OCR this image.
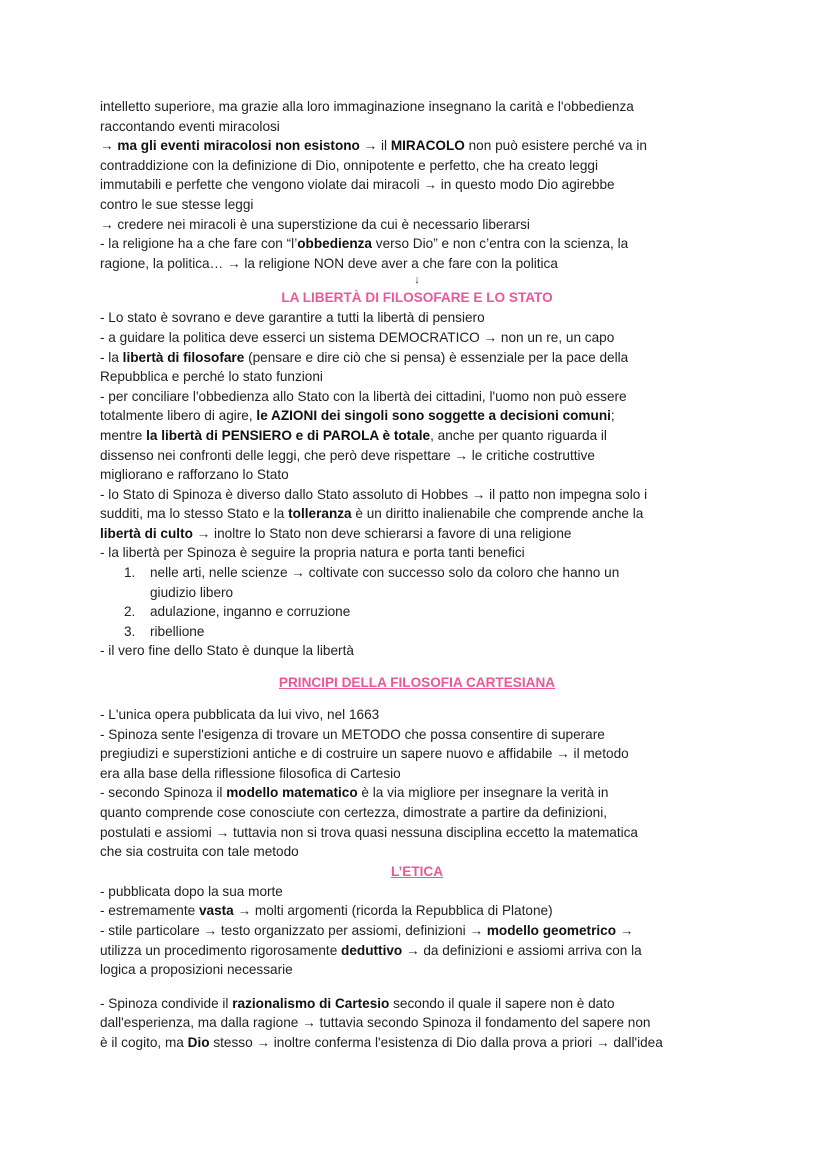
intelletto superiore, ma grazie alla loro immaginazione insegnano la carità e l'obbedienza
raccontando eventi miracolosi
→ ma gli eventi miracolosi non esistono → il MIRACOLO non può esistere perché va in
contraddizione con la definizione di Dio, onnipotente e perfetto, che ha creato leggi
immutabili e perfette che vengono violate dai miracoli → in questo modo Dio agirebbe
contro le sue stesse leggi
→ credere nei miracoli è una superstizione da cui è necessario liberarsi
- la religione ha a che fare con “l’obbedienza verso Dio” e non c’entra con la scienza, la
ragione, la politica… → la religione NON deve aver a che fare con la politica
↓
LA LIBERTÀ DI FILOSOFARE E LO STATO
- Lo stato è sovrano e deve garantire a tutti la libertà di pensiero
- a guidare la politica deve esserci un sistema DEMOCRATICO → non un re, un capo
- la libertà di filosofare (pensare e dire ciò che si pensa) è essenziale per la pace della
Repubblica e perché lo stato funzioni
- per conciliare l'obbedienza allo Stato con la libertà dei cittadini, l'uomo non può essere
totalmente libero di agire, le AZIONI dei singoli sono soggette a decisioni comuni;
mentre la libertà di PENSIERO e di PAROLA è totale, anche per quanto riguarda il
dissenso nei confronti delle leggi, che però deve rispettare → le critiche costruttive
migliorano e rafforzano lo Stato
- lo Stato di Spinoza è diverso dallo Stato assoluto di Hobbes → il patto non impegna solo i
sudditi, ma lo stesso Stato e la tolleranza è un diritto inalienabile che comprende anche la
libertà di culto → inoltre lo Stato non deve schierarsi a favore di una religione
- la libertà per Spinoza è seguire la propria natura e porta tanti benefici
1. nelle arti, nelle scienze → coltivate con successo solo da coloro che hanno un
giudizio libero
2. adulazione, inganno e corruzione
3. ribellione
- il vero fine dello Stato è dunque la libertà
PRINCIPI DELLA FILOSOFIA CARTESIANA
- L'unica opera pubblicata da lui vivo, nel 1663
- Spinoza sente l'esigenza di trovare un METODO che possa consentire di superare
pregiudizi e superstizioni antiche e di costruire un sapere nuovo e affidabile → il metodo
era alla base della riflessione filosofica di Cartesio
- secondo Spinoza il modello matematico è la via migliore per insegnare la verità in
quanto comprende cose conosciute con certezza, dimostrate a partire da definizioni,
postulati e assiomi → tuttavia non si trova quasi nessuna disciplina eccetto la matematica
che sia costruita con tale metodo
L’ETICA
- pubblicata dopo la sua morte
- estremamente vasta → molti argomenti (ricorda la Repubblica di Platone)
- stile particolare → testo organizzato per assiomi, definizioni → modello geometrico →
utilizza un procedimento rigorosamente deduttivo → da definizioni e assiomi arriva con la
logica a proposizioni necessarie
- Spinoza condivide il razionalismo di Cartesio secondo il quale il sapere non è dato
dall'esperienza, ma dalla ragione → tuttavia secondo Spinoza il fondamento del sapere non
è il cogito, ma Dio stesso → inoltre conferma l'esistenza di Dio dalla prova a priori → dall'idea
